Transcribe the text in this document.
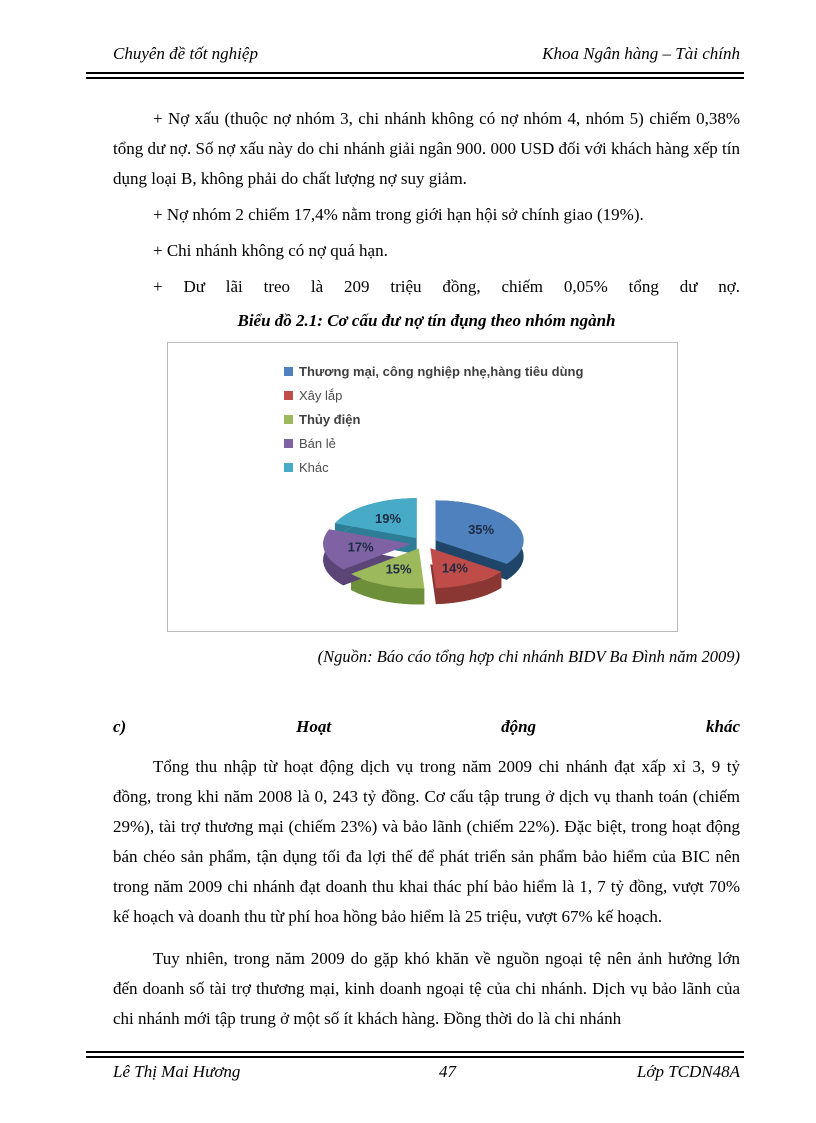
Chuyên đề tốt nghiệp	Khoa Ngân hàng – Tài chính

+ Nợ xấu (thuộc nợ nhóm 3, chi nhánh không có nợ nhóm 4, nhóm 5) chiếm 0,38% tổng dư nợ. Số nợ xấu này do chi nhánh giải ngân 900. 000 USD đối với khách hàng xếp tín dụng loại B, không phải do chất lượng nợ suy giảm.

+ Nợ nhóm 2 chiếm 17,4% nằm trong giới hạn hội sở chính giao (19%).

+ Chi nhánh không có nợ quá hạn.

+ Dư lãi treo là 209 triệu đồng, chiếm 0,05% tổng dư nợ.

Biểu đồ 2.1: Cơ cấu đư nợ tín đụng theo nhóm ngành

Thương mại, công nghiệp nhẹ,hàng tiêu dùng
Xây lắp
Thủy điện
Bán lẻ
Khác
35%
14%
15%
17%
19%

(Nguồn: Báo cáo tổng hợp chi nhánh BIDV Ba Đình năm 2009)

c) Hoạt động khác

Tổng thu nhập từ hoạt động dịch vụ trong năm 2009 chi nhánh đạt xấp xỉ 3, 9 tỷ đồng, trong khi năm 2008 là 0, 243 tỷ đồng. Cơ cấu tập trung ở dịch vụ thanh toán (chiếm 29%), tài trợ thương mại (chiếm 23%) và bảo lãnh (chiếm 22%). Đặc biệt, trong hoạt động bán chéo sản phẩm, tận dụng tối đa lợi thế để phát triển sản phẩm bảo hiểm của BIC nên trong năm 2009 chi nhánh đạt doanh thu khai thác phí bảo hiểm là 1, 7 tỷ đồng, vượt 70% kế hoạch và doanh thu từ phí hoa hồng bảo hiểm là 25 triệu, vượt 67% kế hoạch.

Tuy nhiên, trong năm 2009 do gặp khó khăn về nguồn ngoại tệ nên ảnh hưởng lớn đến doanh số tài trợ thương mại, kinh doanh ngoại tệ của chi nhánh. Dịch vụ bảo lãnh của chi nhánh mới tập trung ở một số ít khách hàng. Đồng thời do là chi nhánh

Lê Thị Mai Hương	47	Lớp TCDN48A
